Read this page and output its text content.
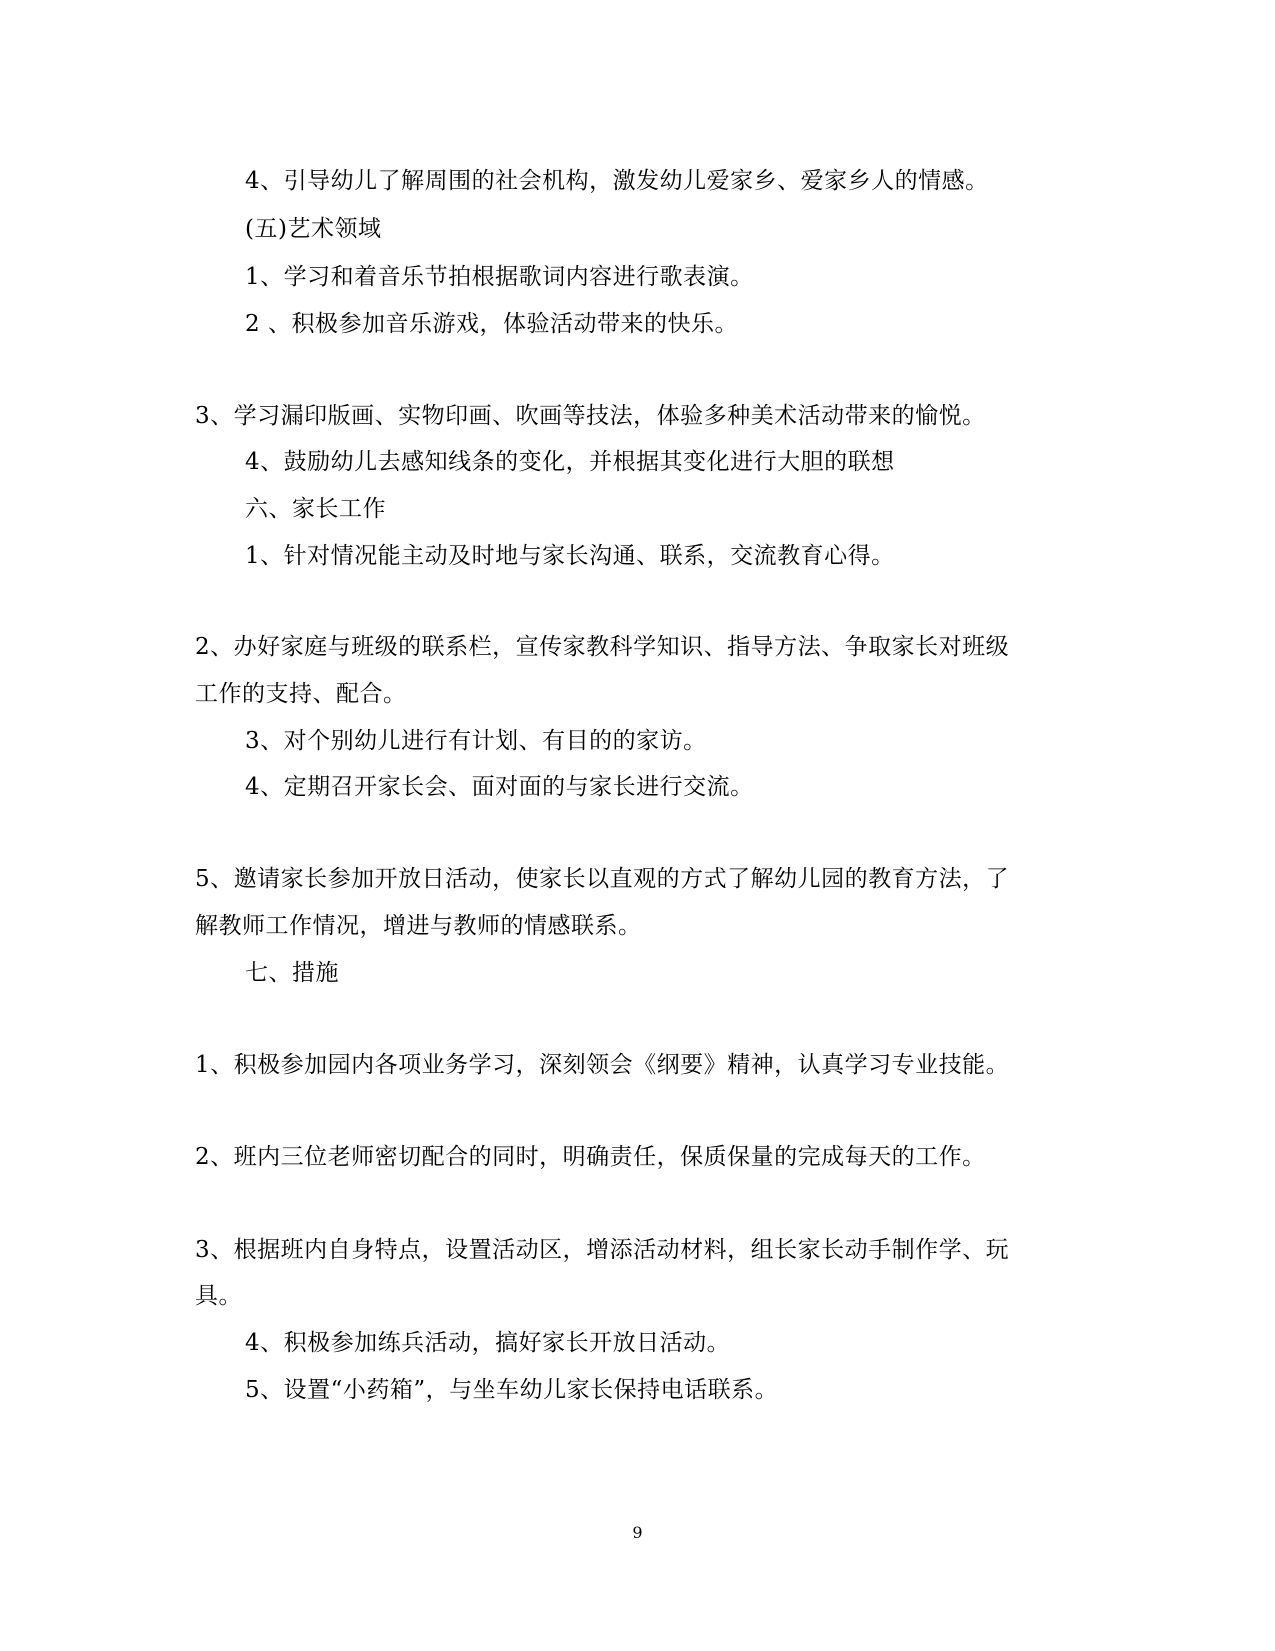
4、引导幼儿了解周围的社会机构，激发幼儿爱家乡、爱家乡人的情感。
(五)艺术领域
1、学习和着音乐节拍根据歌词内容进行歌表演。
2 、积极参加音乐游戏，体验活动带来的快乐。
3、学习漏印版画、实物印画、吹画等技法，体验多种美术活动带来的愉悦。
4、鼓励幼儿去感知线条的变化，并根据其变化进行大胆的联想
六、家长工作
1、针对情况能主动及时地与家长沟通、联系，交流教育心得。
2、办好家庭与班级的联系栏，宣传家教科学知识、指导方法、争取家长对班级
工作的支持、配合。
3、对个别幼儿进行有计划、有目的的家访。
4、定期召开家长会、面对面的与家长进行交流。
5、邀请家长参加开放日活动，使家长以直观的方式了解幼儿园的教育方法，了
解教师工作情况，增进与教师的情感联系。
七、措施
1、积极参加园内各项业务学习，深刻领会《纲要》精神，认真学习专业技能。
2、班内三位老师密切配合的同时，明确责任，保质保量的完成每天的工作。
3、根据班内自身特点，设置活动区，增添活动材料，组长家长动手制作学、玩
具。
4、积极参加练兵活动，搞好家长开放日活动。
5、设置“小药箱”，与坐车幼儿家长保持电话联系。
9
